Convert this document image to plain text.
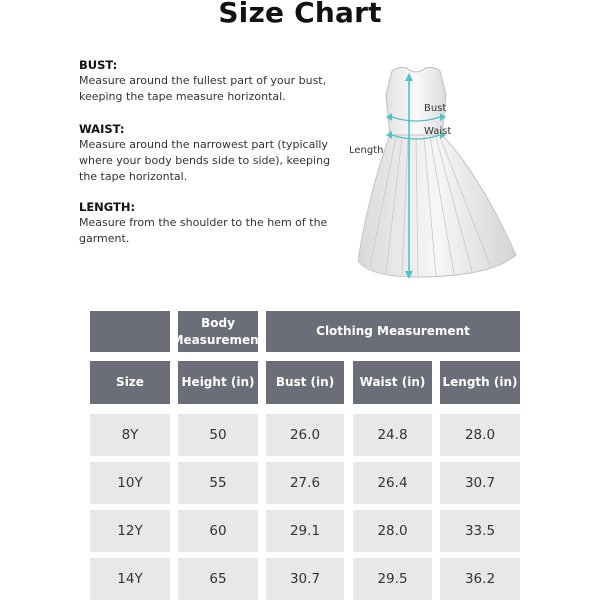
Size Chart
BUST:
Measure around the fullest part of your bust, keeping the tape measure horizontal.
WAIST:
Measure around the narrowest part (typically where your body bends side to side), keeping the tape horizontal.
LENGTH:
Measure from the shoulder to the hem of the garment.
Bust
Waist
Length
Body Measurement
Clothing Measurement
Size	Height (in)	Bust (in)	Waist (in)	Length (in)
8Y	50	26.0	24.8	28.0
10Y	55	27.6	26.4	30.7
12Y	60	29.1	28.0	33.5
14Y	65	30.7	29.5	36.2
